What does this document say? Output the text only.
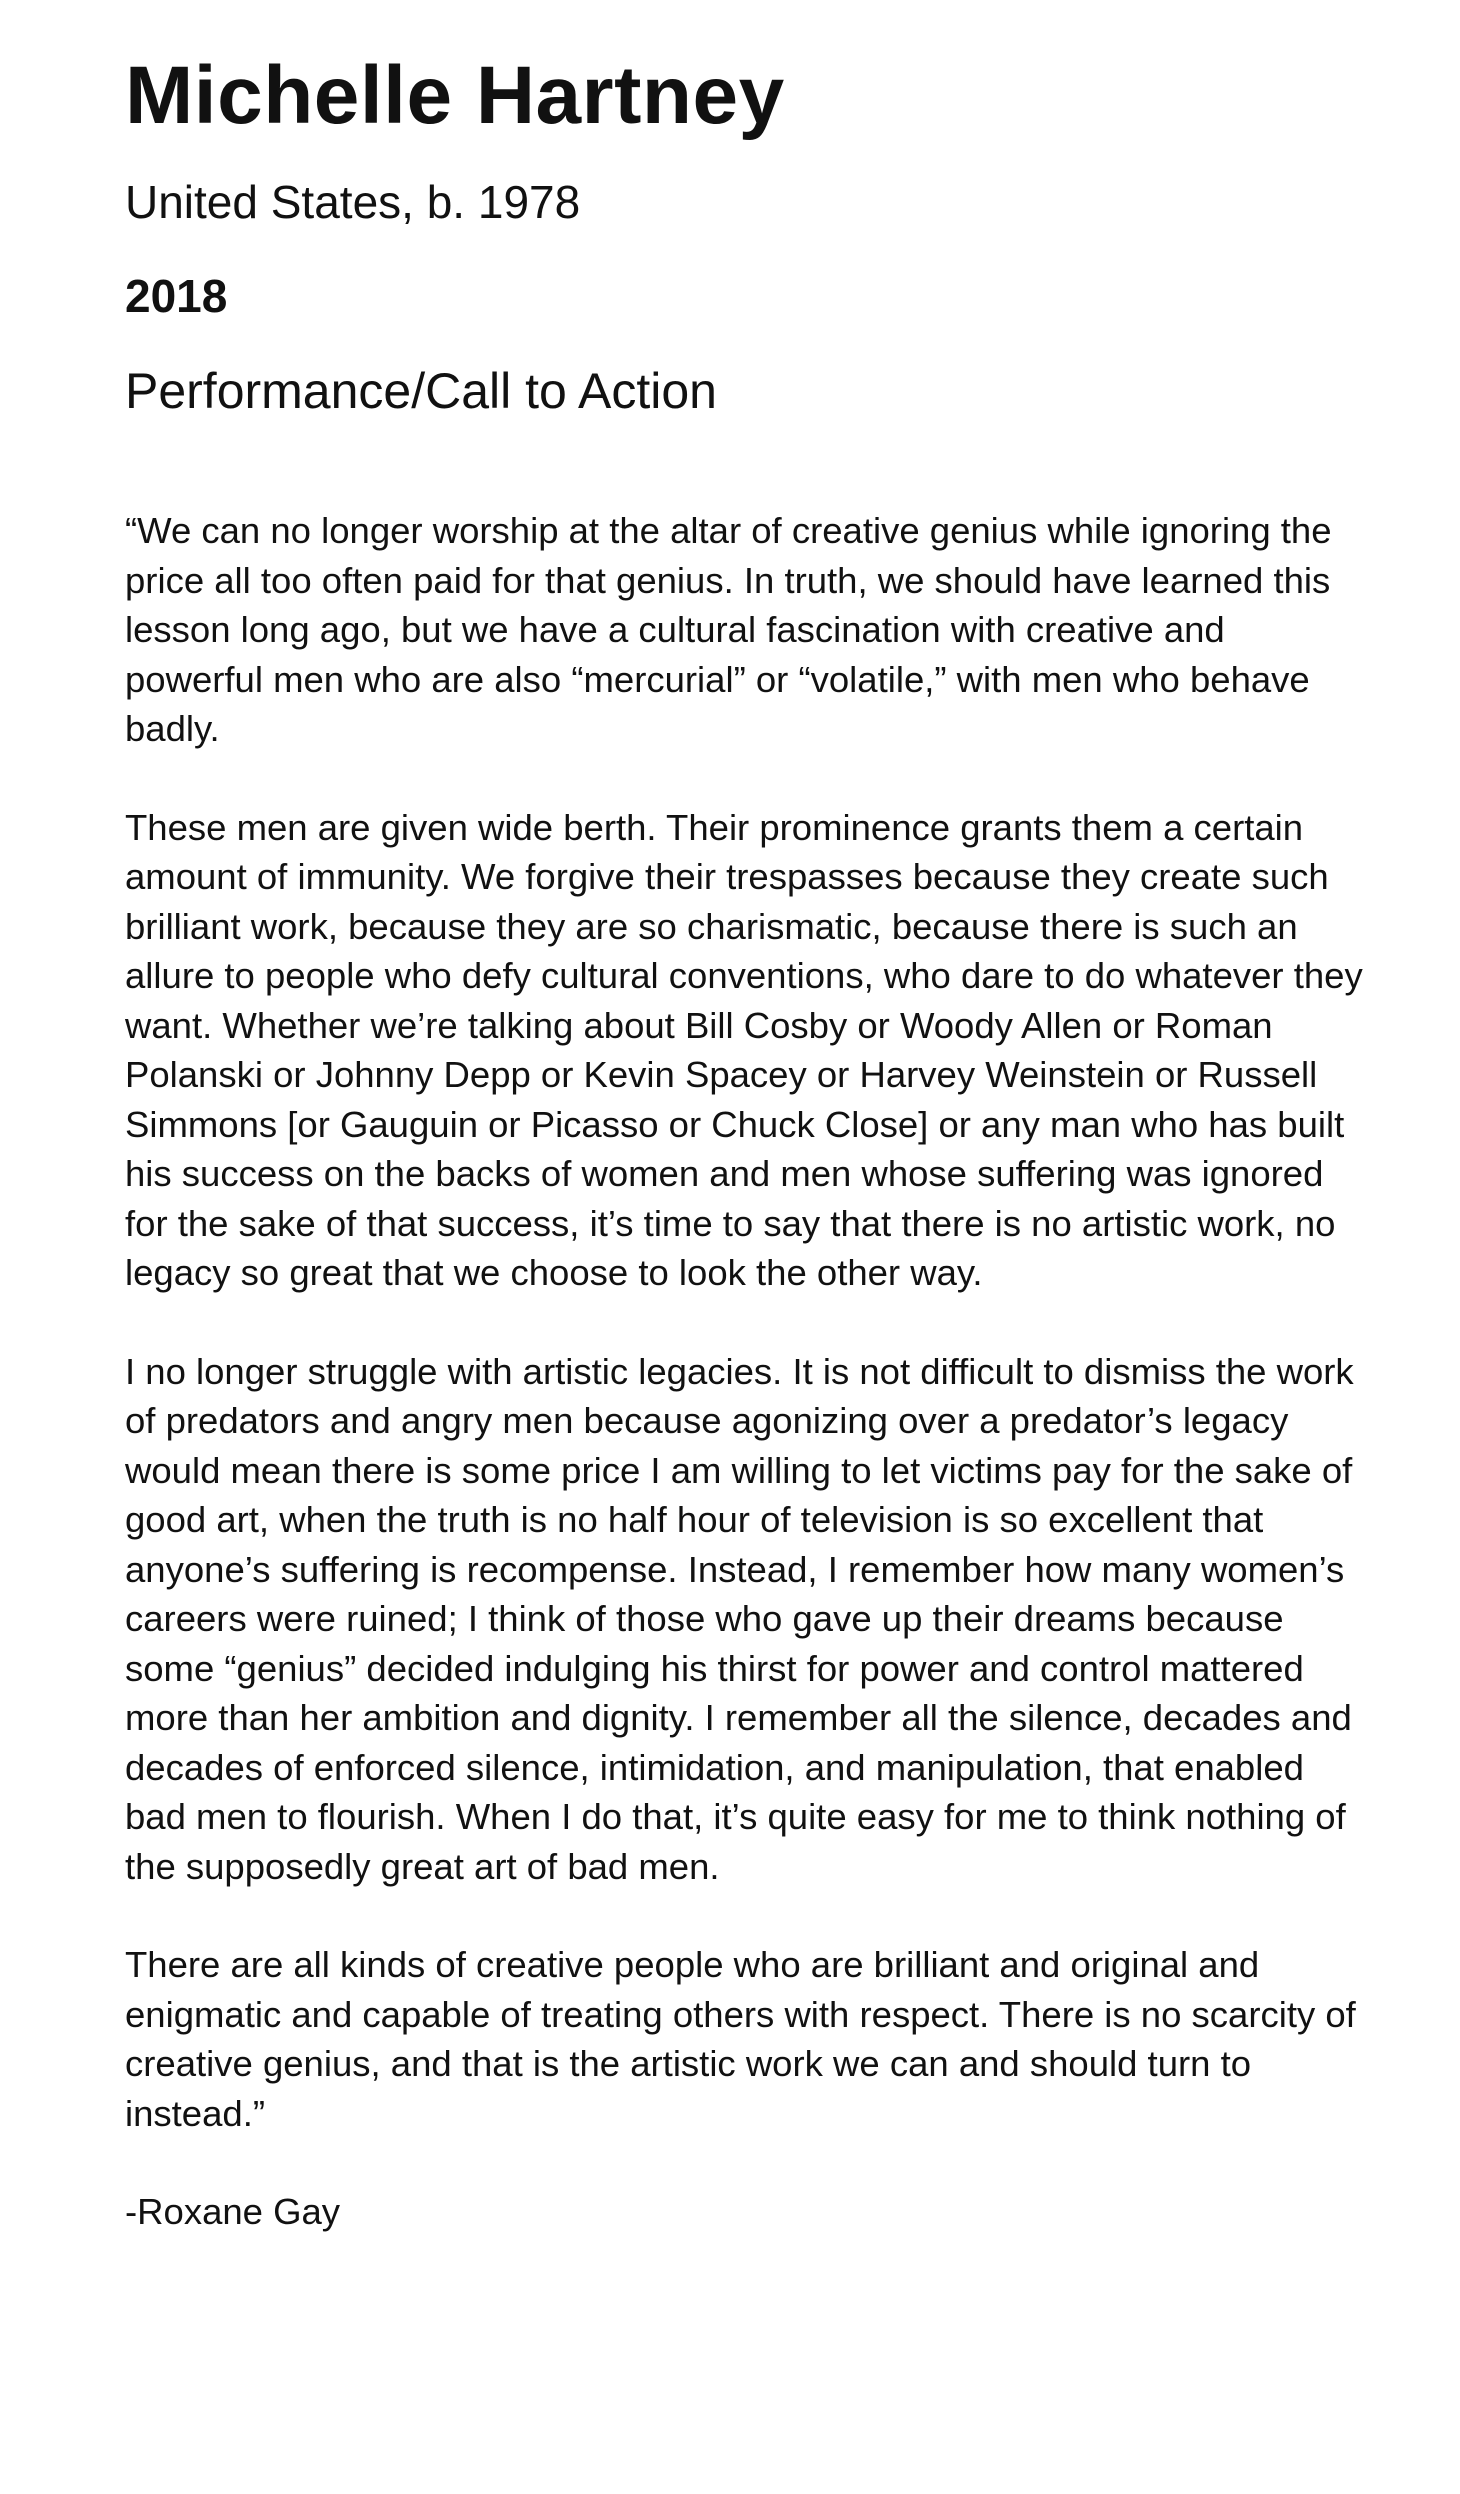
Michelle Hartney
United States, b. 1978
2018
Performance/Call to Action

“We can no longer worship at the altar of creative genius while ignoring the price all too often paid for that genius. In truth, we should have learned this lesson long ago, but we have a cultural fascination with creative and powerful men who are also “mercurial” or “volatile,” with men who behave badly.

These men are given wide berth. Their prominence grants them a certain amount of immunity. We forgive their trespasses because they create such brilliant work, because they are so charismatic, because there is such an allure to people who defy cultural conventions, who dare to do whatever they want. Whether we’re talking about Bill Cosby or Woody Allen or Roman Polanski or Johnny Depp or Kevin Spacey or Harvey Weinstein or Russell Simmons [or Gauguin or Picasso or Chuck Close] or any man who has built his success on the backs of women and men whose suffering was ignored for the sake of that success, it’s time to say that there is no artistic work, no legacy so great that we choose to look the other way.

I no longer struggle with artistic legacies. It is not difficult to dismiss the work of predators and angry men because agonizing over a predator’s legacy would mean there is some price I am willing to let victims pay for the sake of good art, when the truth is no half hour of television is so excellent that anyone’s suffering is recompense. Instead, I remember how many women’s careers were ruined; I think of those who gave up their dreams because some “genius” decided indulging his thirst for power and control mattered more than her ambition and dignity. I remember all the silence, decades and decades of enforced silence, intimidation, and manipulation, that enabled bad men to flourish. When I do that, it’s quite easy for me to think nothing of the supposedly great art of bad men.

There are all kinds of creative people who are brilliant and original and enigmatic and capable of treating others with respect. There is no scarcity of creative genius, and that is the artistic work we can and should turn to instead.”

-Roxane Gay
